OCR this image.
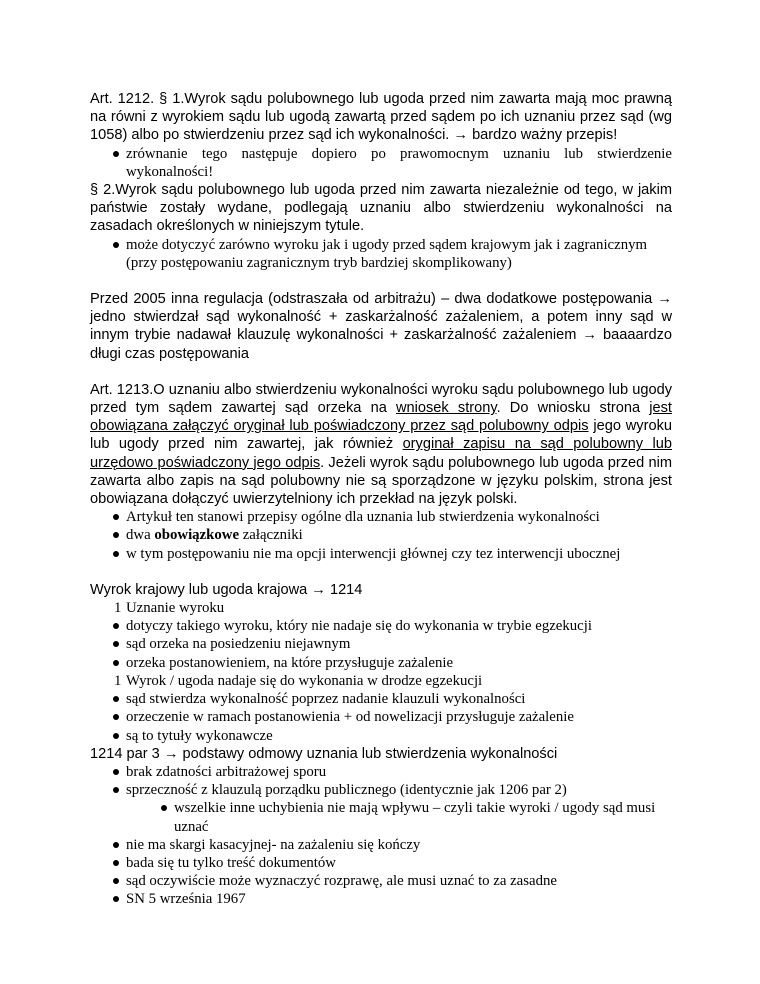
Art. 1212. § 1.Wyrok sądu polubownego lub ugoda przed nim zawarta mają moc prawną na równi z wyrokiem sądu lub ugodą zawartą przed sądem po ich uznaniu przez sąd (wg 1058) albo po stwierdzeniu przez sąd ich wykonalności. → bardzo ważny przepis!

zrównanie tego następuje dopiero po prawomocnym uznaniu lub stwierdzenie wykonalności!

§ 2.Wyrok sądu polubownego lub ugoda przed nim zawarta niezależnie od tego, w jakim państwie zostały wydane, podlegają uznaniu albo stwierdzeniu wykonalności na zasadach określonych w niniejszym tytule.

może dotyczyć zarówno wyroku jak i ugody przed sądem krajowym jak i zagranicznym (przy postępowaniu zagranicznym tryb bardziej skomplikowany)

Przed 2005 inna regulacja (odstraszała od arbitrażu) – dwa dodatkowe postępowania → jedno stwierdzał sąd wykonalność + zaskarżalność zażaleniem, a potem inny sąd w innym trybie nadawał klauzulę wykonalności + zaskarżalność zażaleniem → baaaardzo długi czas postępowania

Art. 1213.O uznaniu albo stwierdzeniu wykonalności wyroku sądu polubownego lub ugody przed tym sądem zawartej sąd orzeka na wniosek strony. Do wniosku strona jest obowiązana załączyć oryginał lub poświadczony przez sąd polubowny odpis jego wyroku lub ugody przed nim zawartej, jak również oryginał zapisu na sąd polubowny lub urzędowo poświadczony jego odpis. Jeżeli wyrok sądu polubownego lub ugoda przed nim zawarta albo zapis na sąd polubowny nie są sporządzone w języku polskim, strona jest obowiązana dołączyć uwierzytelniony ich przekład na język polski.

Artykuł ten stanowi przepisy ogólne dla uznania lub stwierdzenia wykonalności
dwa obowiązkowe załączniki
w tym postępowaniu nie ma opcji interwencji głównej czy tez interwencji ubocznej

Wyrok krajowy lub ugoda krajowa → 1214

1 Uznanie wyroku
dotyczy takiego wyroku, który nie nadaje się do wykonania w trybie egzekucji
sąd orzeka na posiedzeniu niejawnym
orzeka postanowieniem, na które przysługuje zażalenie
1 Wyrok / ugoda nadaje się do wykonania w drodze egzekucji
sąd stwierdza wykonalność poprzez nadanie klauzuli wykonalności
orzeczenie w ramach postanowienia + od nowelizacji przysługuje zażalenie
są to tytuły wykonawcze

1214 par 3 → podstawy odmowy uznania lub stwierdzenia wykonalności

brak zdatności arbitrażowej sporu
sprzeczność z klauzulą porządku publicznego (identycznie jak 1206 par 2)
wszelkie inne uchybienia nie mają wpływu – czyli takie wyroki / ugody sąd musi uznać
nie ma skargi kasacyjnej- na zażaleniu się kończy
bada się tu tylko treść dokumentów
sąd oczywiście może wyznaczyć rozprawę, ale musi uznać to za zasadne
SN 5 września 1967
